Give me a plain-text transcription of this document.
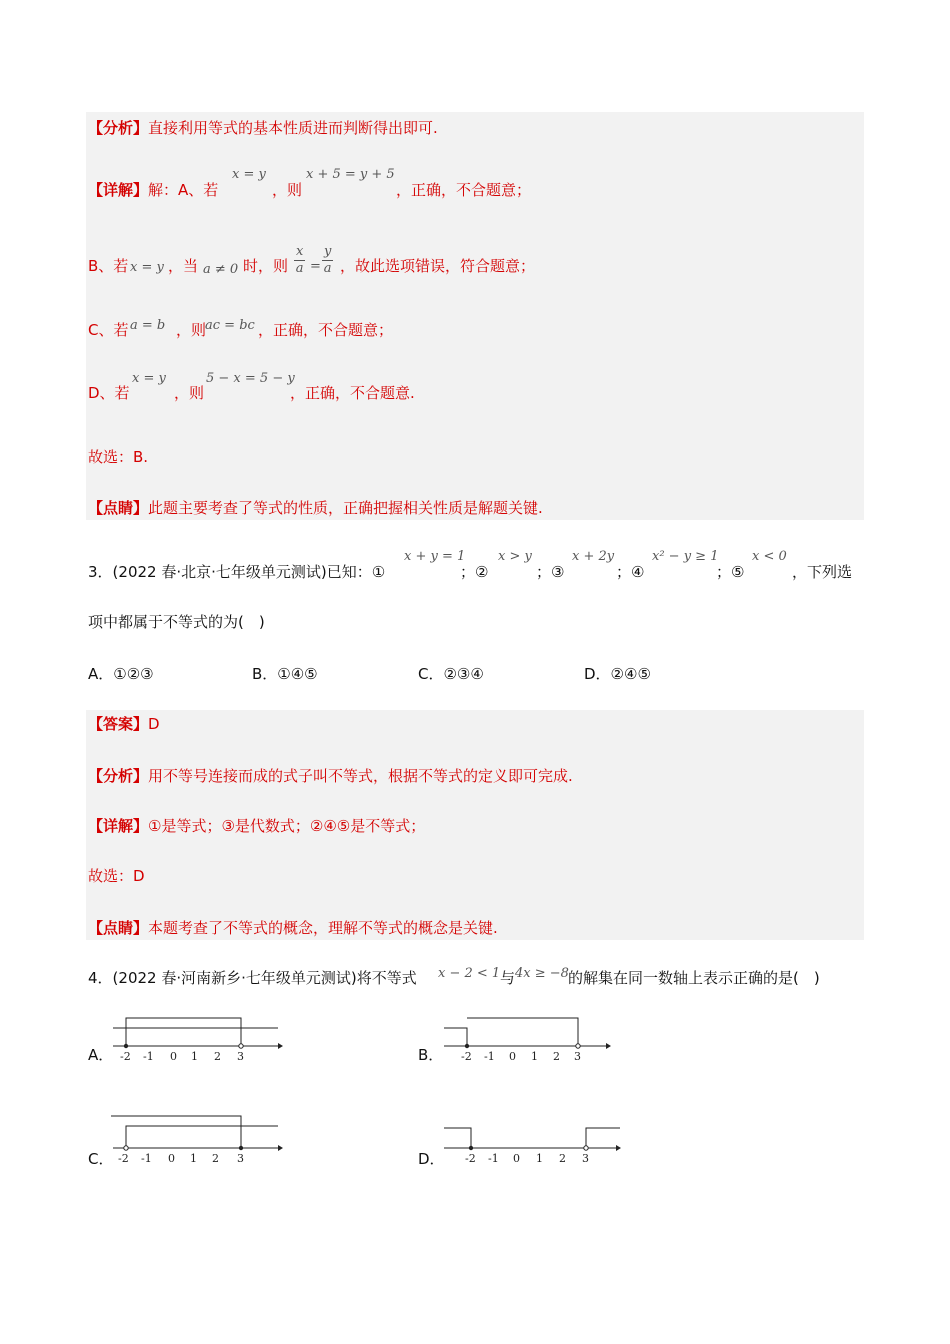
【分析】直接利用等式的基本性质进而判断得出即可.
【详解】解：A、若
x = y
，则
x + 5 = y + 5
，正确，不合题意；
B、若 x = y ，当 a ≠ 0 时，则 $\frac{x}{a} = \frac{y}{a}$ ，故此选项错误，符合题意；
C、若 a = b ，则
ac = bc ，正确，不合题意；
D、若
x = y
，则
5 − x = 5 − y
，正确，不合题意.
故选：B.
【点睛】此题主要考查了等式的性质，正确把握相关性质是解题关键.
3．(2022 春·北京·七年级单元测试)已知：①
x + y = 1
；②
x > y
；③
x + 2y
；④
x² − y ≥ 1
；⑤
x < 0
，下列选
项中都属于不等式的为(　)
A．①②③	B．①④⑤	C．②③④	D．②④⑤
【答案】D
【分析】用不等号连接而成的式子叫不等式，根据不等式的定义即可完成.
【详解】①是等式；③是代数式；②④⑤是不等式；
故选：D
【点睛】本题考查了不等式的概念，理解不等式的概念是关键.
4．(2022 春·河南新乡·七年级单元测试)将不等式 x − 2 < 1 与 4x ≥ −8 的解集在同一数轴上表示正确的是(　)
A． -2 -1 0 1 2 3	B． -2 -1 0 1 2 3
C． -2 -1 0 1 2 3	D． -2 -1 0 1 2 3
